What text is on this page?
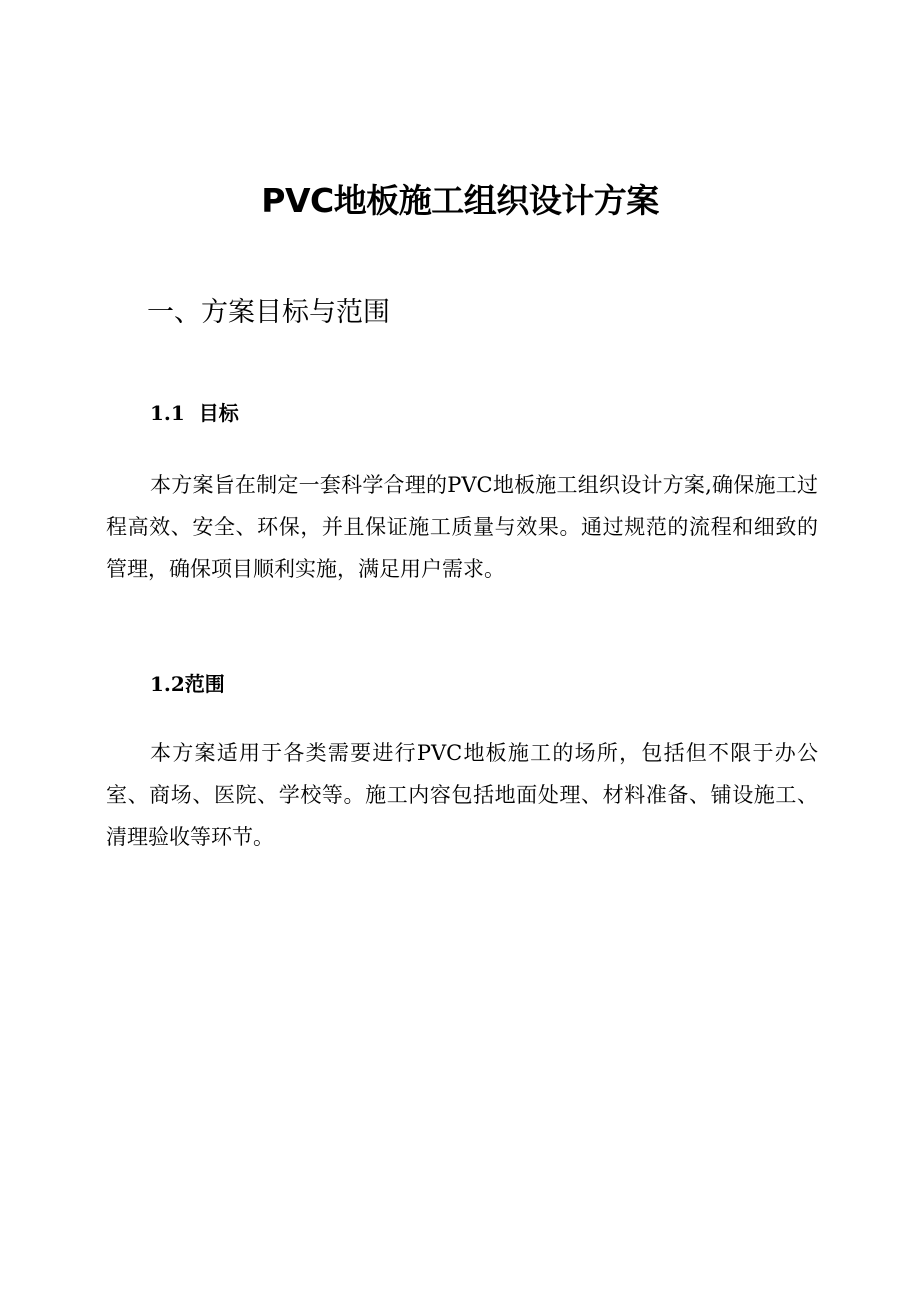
PVC地板施工组织设计方案
一、方案目标与范围
1.1 目标

本方案旨在制定一套科学合理的PVC地板施工组织设计方案,确保施工过程高效、安全、环保，并且保证施工质量与效果。通过规范的流程和细致的管理，确保项目顺利实施，满足用户需求。

1.2范围

本方案适用于各类需要进行PVC地板施工的场所，包括但不限于办公室、商场、医院、学校等。施工内容包括地面处理、材料准备、铺设施工、清理验收等环节。
